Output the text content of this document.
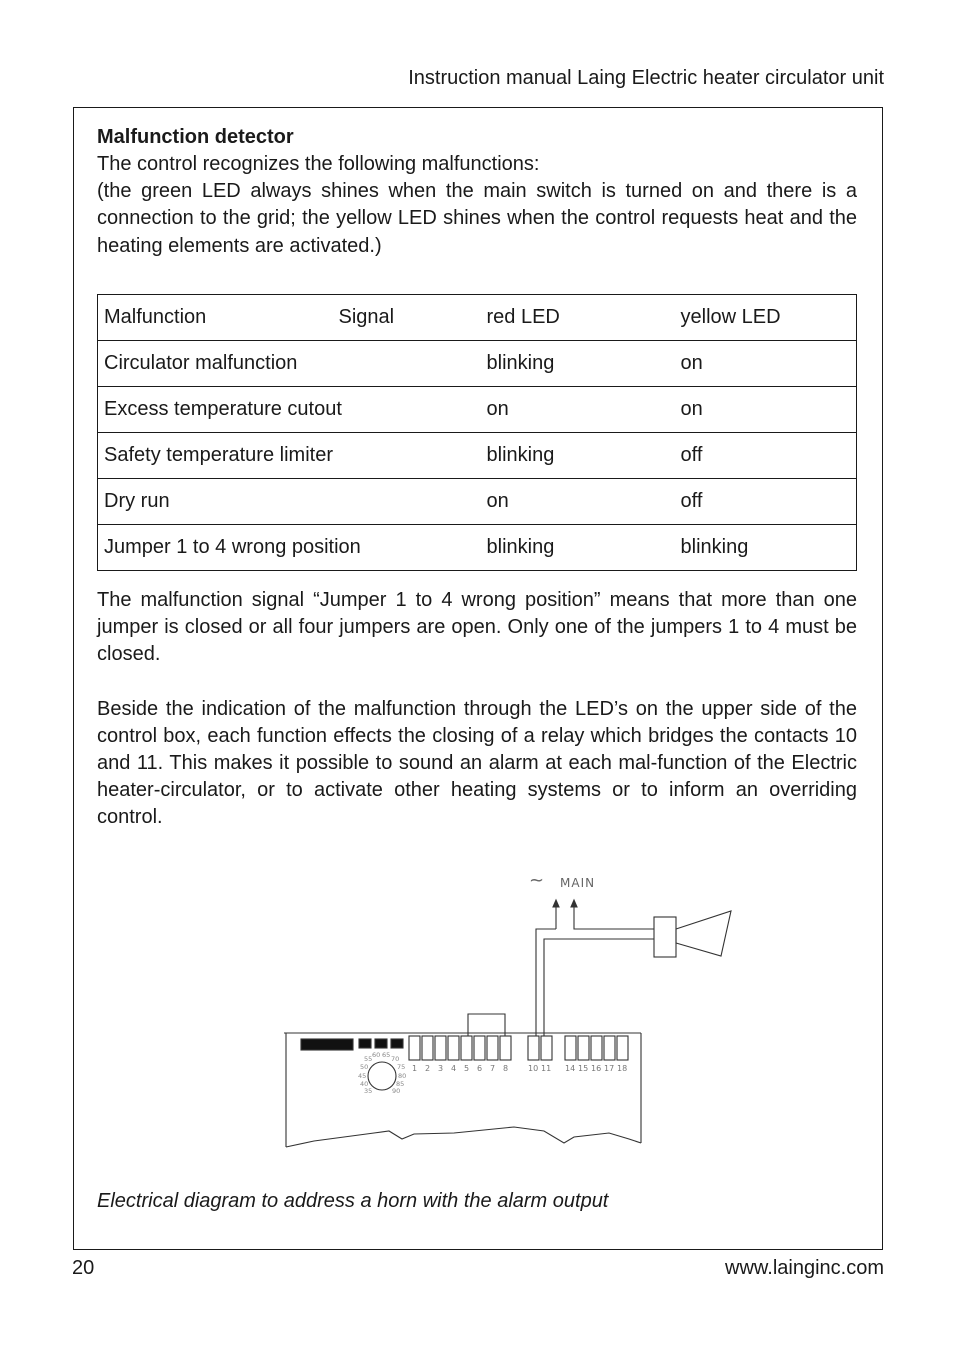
Instruction manual Laing Electric heater circulator unit
Malfunction detector

The control recognizes the following malfunctions:

(the green LED always shines when the main switch is turned on and there is a connection to the grid; the yellow LED shines when the control requests heat and the heating elements are activated.)

Malfunction	Signal	red LED	yellow LED
Circulator malfunction		blinking	on
Excess temperature cutout		on	on
Safety temperature limiter		blinking	off
Dry run		on	off
Jumper 1 to 4 wrong position		blinking	blinking

The malfunction signal “Jumper 1 to 4 wrong position” means that more than one jumper is closed or all four jumpers are open. Only one of the jumpers 1 to 4 must be closed.

Beside the indication of the malfunction through the LED’s on the upper side of the control box, each function effects the closing of a relay which bridges the contacts 10 and 11. This makes it possible to sound an alarm at each mal-function of the Electric heater-circulator, or to activate other heating systems or to inform an overriding control.

~ MAIN
1 2 3 4 5 6 7 8 10 11 14 15 16 17 18
60 65 70
75
80
85
90
55
50
45
40
35
Electrical diagram to address a horn with the alarm output
20	www.lainginc.com
